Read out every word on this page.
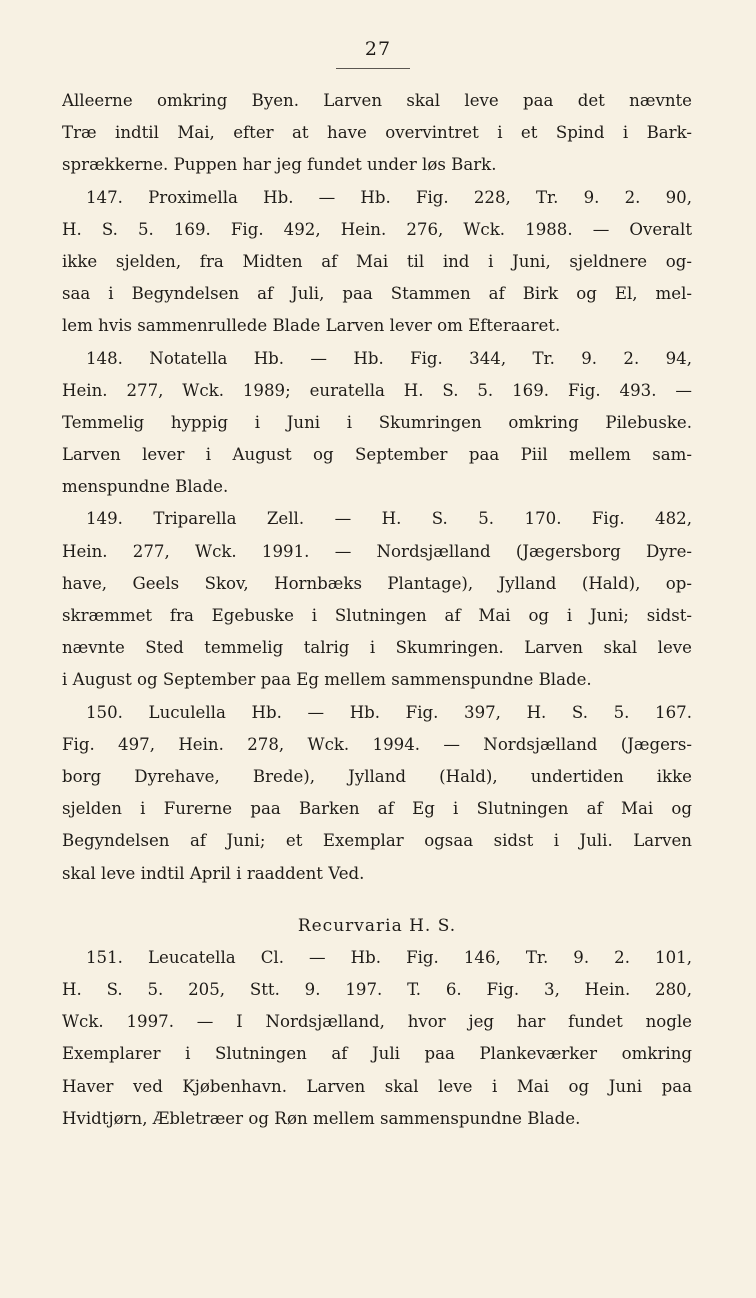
27
Alleerne omkring Byen. Larven skal leve paa det nævnte
Træ indtil Mai, efter at have overvintret i et Spind i Bark-
sprækkerne. Puppen har jeg fundet under løs Bark.
147. Proximella Hb. — Hb. Fig. 228, Tr. 9. 2. 90,
H. S. 5. 169. Fig. 492, Hein. 276, Wck. 1988. — Overalt
ikke sjelden, fra Midten af Mai til ind i Juni, sjeldnere og-
saa i Begyndelsen af Juli, paa Stammen af Birk og El, mel-
lem hvis sammenrullede Blade Larven lever om Efteraaret.
148. Notatella Hb. — Hb. Fig. 344, Tr. 9. 2. 94,
Hein. 277, Wck. 1989; euratella H. S. 5. 169. Fig. 493. —
Temmelig hyppig i Juni i Skumringen omkring Pilebuske.
Larven lever i August og September paa Piil mellem sam-
menspundne Blade.
149. Triparella Zell. — H. S. 5. 170. Fig. 482,
Hein. 277, Wck. 1991. — Nordsjælland (Jægersborg Dyre-
have, Geels Skov, Hornbæks Plantage), Jylland (Hald), op-
skræmmet fra Egebuske i Slutningen af Mai og i Juni; sidst-
nævnte Sted temmelig talrig i Skumringen. Larven skal leve
i August og September paa Eg mellem sammenspundne Blade.
150. Luculella Hb. — Hb. Fig. 397, H. S. 5. 167.
Fig. 497, Hein. 278, Wck. 1994. — Nordsjælland (Jægers-
borg Dyrehave, Brede), Jylland (Hald), undertiden ikke
sjelden i Furerne paa Barken af Eg i Slutningen af Mai og
Begyndelsen af Juni; et Exemplar ogsaa sidst i Juli. Larven
skal leve indtil April i raaddent Ved.
Recurvaria H. S.
151. Leucatella Cl. — Hb. Fig. 146, Tr. 9. 2. 101,
H. S. 5. 205, Stt. 9. 197. T. 6. Fig. 3, Hein. 280,
Wck. 1997. — I Nordsjælland, hvor jeg har fundet nogle
Exemplarer i Slutningen af Juli paa Plankeværker omkring
Haver ved Kjøbenhavn. Larven skal leve i Mai og Juni paa
Hvidtjørn, Æbletræer og Røn mellem sammenspundne Blade.
